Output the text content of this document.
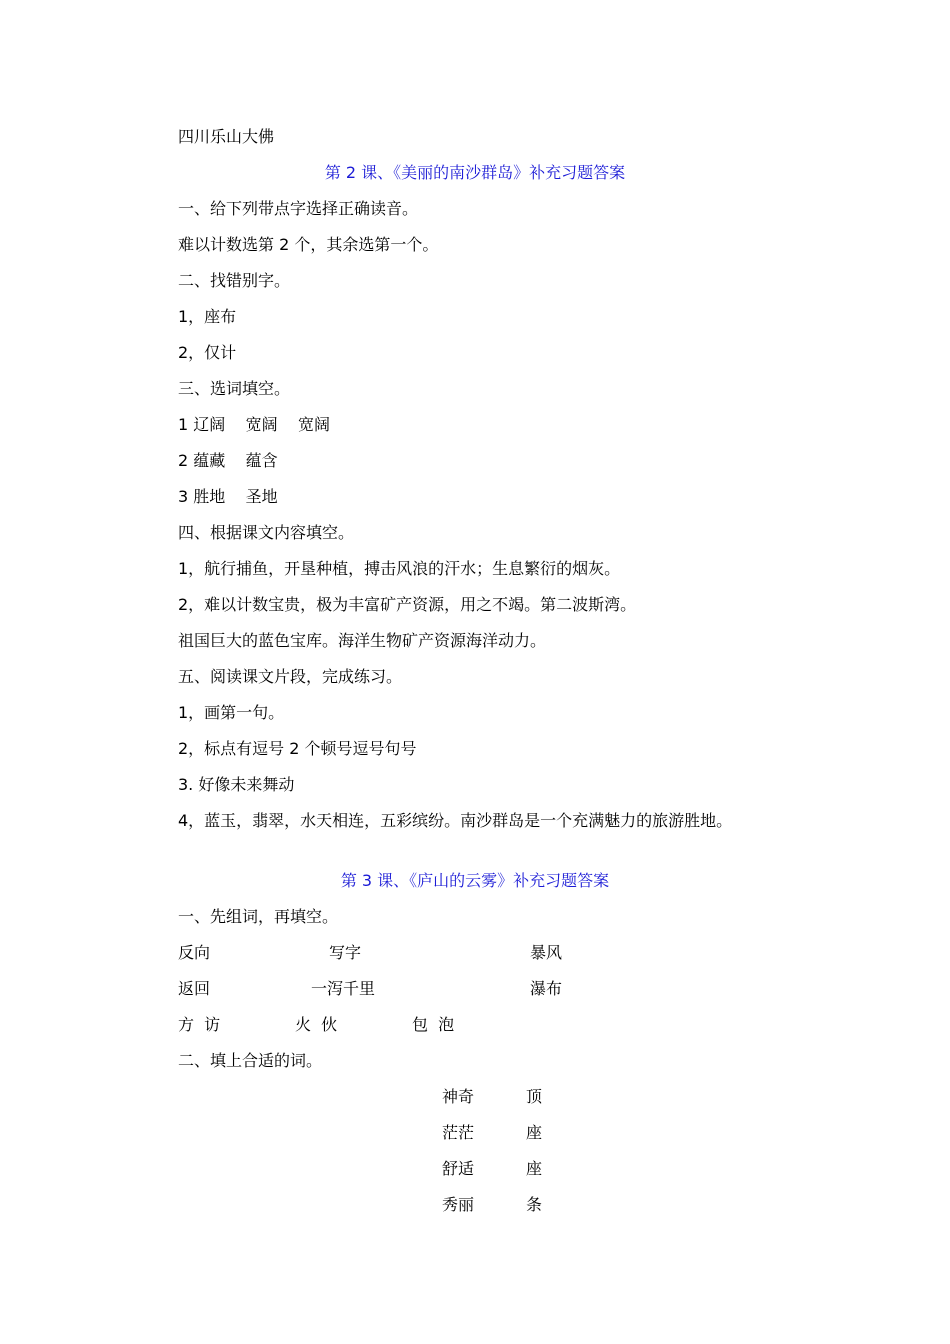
四川乐山大佛
第 2 课、《美丽的南沙群岛》补充习题答案
一、给下列带点字选择正确读音。
难以计数选第 2 个，其余选第一个。
二、找错别字。
1，座布
2，仅计
三、选词填空。
1 辽阔    宽阔    宽阔
2 蕴藏    蕴含
3 胜地    圣地
四、根据课文内容填空。
1，航行捕鱼，开垦种植，搏击风浪的汗水；生息繁衍的烟灰。
2，难以计数宝贵，极为丰富矿产资源，用之不竭。第二波斯湾。
祖国巨大的蓝色宝库。海洋生物矿产资源海洋动力。
五、阅读课文片段，完成练习。
1，画第一句。
2，标点有逗号 2 个顿号逗号句号
3. 好像未来舞动
4，蓝玉，翡翠，水天相连，五彩缤纷。南沙群岛是一个充满魅力的旅游胜地。
第 3 课、《庐山的云雾》补充习题答案
一、先组词，再填空。
反向	写字	暴风
返回	一泻千里	瀑布
方  访	火  伙	包  泡
二、填上合适的词。
神奇	顶
茫茫	座
舒适	座
秀丽	条
